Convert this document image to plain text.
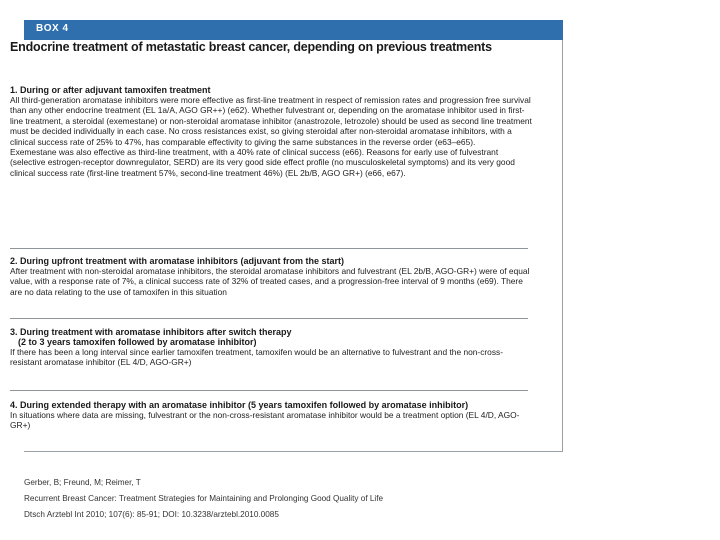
BOX 4
Endocrine treatment of metastatic breast cancer, depending on previous treatments
1. During or after adjuvant tamoxifen treatment

All third-generation aromatase inhibitors were more effective as first-line treatment in respect of remission rates and progression free survival than any other endocrine treatment (EL 1a/A, AGO GR++) (e62). Whether fulvestrant or, depending on the aromatase inhibitor used in first-line treatment, a steroidal (exemestane) or non-steroidal aromatase inhibitor (anastrozole, letrozole) should be used as second line treatment must be decided individually in each case. No cross resistances exist, so giving steroidal after non-steroidal aromatase inhibitors, with a clinical success rate of 25% to 47%, has comparable effectivity to giving the same substances in the reverse order (e63–e65).

Exemestane was also effective as third-line treatment, with a 40% rate of clinical success (e66). Reasons for early use of fulvestrant (selective estrogen-receptor downregulator, SERD) are its very good side effect profile (no musculoskeletal symptoms) and its very good clinical success rate (first-line treatment 57%, second-line treatment 46%) (EL 2b/B, AGO GR+) (e66, e67).

2. During upfront treatment with aromatase inhibitors (adjuvant from the start)

After treatment with non-steroidal aromatase inhibitors, the steroidal aromatase inhibitors and fulvestrant (EL 2b/B, AGO-GR+) were of equal value, with a response rate of 7%, a clinical success rate of 32% of treated cases, and a progression-free interval of 9 months (e69). There are no data relating to the use of tamoxifen in this situation

3. During treatment with aromatase inhibitors after switch therapy
(2 to 3 years tamoxifen followed by aromatase inhibitor)

If there has been a long interval since earlier tamoxifen treatment, tamoxifen would be an alternative to fulvestrant and the non-cross-resistant aromatase inhibitor (EL 4/D, AGO-GR+)

4. During extended therapy with an aromatase inhibitor (5 years tamoxifen followed by aromatase inhibitor)

In situations where data are missing, fulvestrant or the non-cross-resistant aromatase inhibitor would be a treatment option (EL 4/D, AGO-GR+)

Gerber, B; Freund, M; Reimer, T
Recurrent Breast Cancer: Treatment Strategies for Maintaining and Prolonging Good Quality of Life
Dtsch Arztebl Int 2010; 107(6): 85-91; DOI: 10.3238/arztebl.2010.0085
